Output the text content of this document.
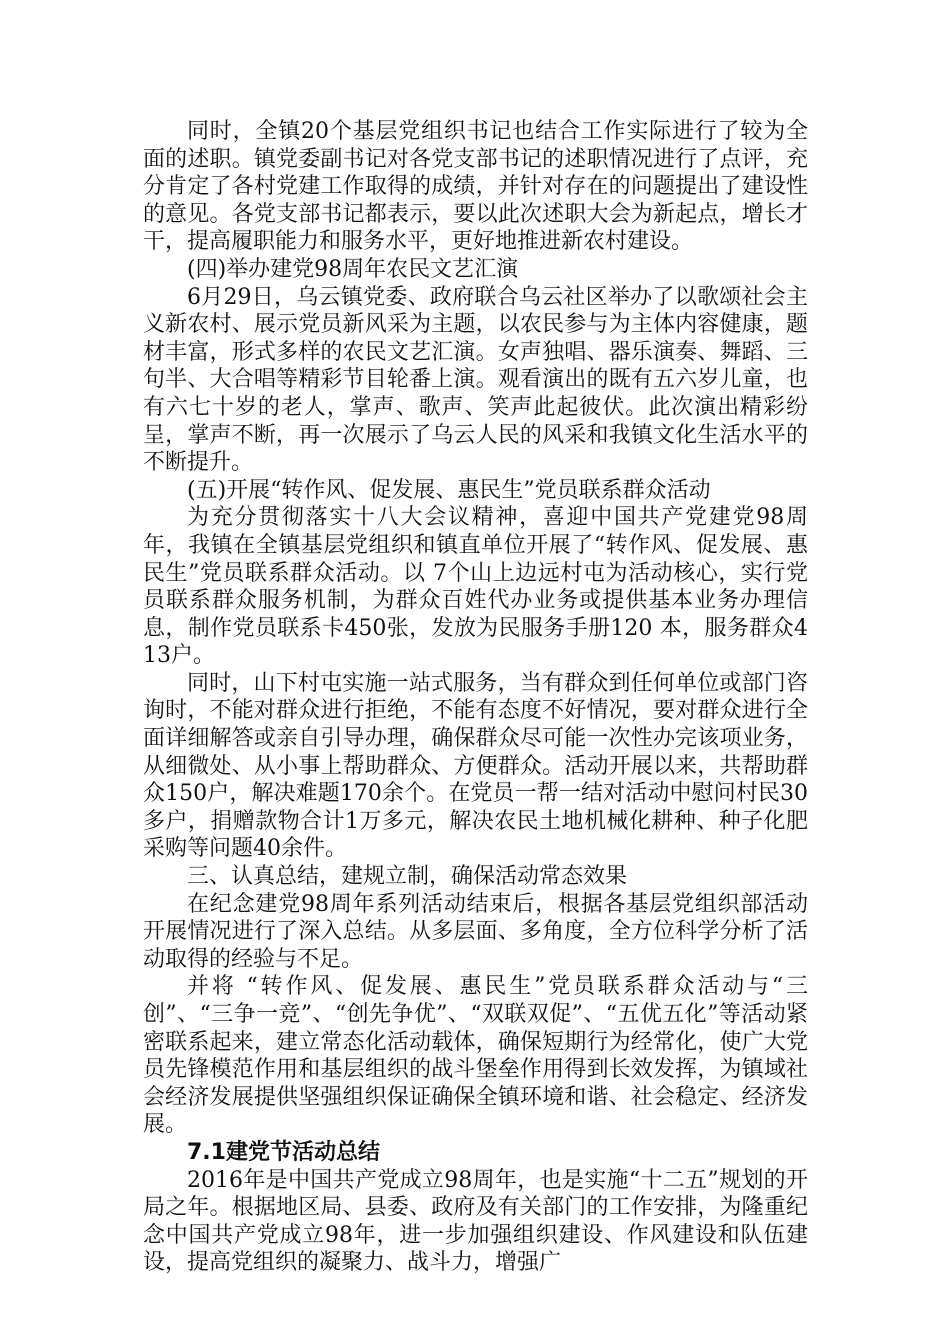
同时，全镇20个基层党组织书记也结合工作实际进行了较为全面的述职。镇党委副书记对各党支部书记的述职情况进行了点评，充分肯定了各村党建工作取得的成绩，并针对存在的问题提出了建设性的意见。各党支部书记都表示，要以此次述职大会为新起点，增长才干，提高履职能力和服务水平，更好地推进新农村建设。

(四)举办建党98周年农民文艺汇演

6月29日，乌云镇党委、政府联合乌云社区举办了以歌颂社会主义新农村、展示党员新风采为主题，以农民参与为主体内容健康，题材丰富，形式多样的农民文艺汇演。女声独唱、器乐演奏、舞蹈、三句半、大合唱等精彩节目轮番上演。观看演出的既有五六岁儿童，也有六七十岁的老人，掌声、歌声、笑声此起彼伏。此次演出精彩纷呈，掌声不断，再一次展示了乌云人民的风采和我镇文化生活水平的不断提升。

(五)开展“转作风、促发展、惠民生”党员联系群众活动

为充分贯彻落实十八大会议精神，喜迎中国共产党建党98周年，我镇在全镇基层党组织和镇直单位开展了“转作风、促发展、惠民生”党员联系群众活动。以 7个山上边远村屯为活动核心，实行党员联系群众服务机制，为群众百姓代办业务或提供基本业务办理信息，制作党员联系卡450张，发放为民服务手册120 本，服务群众413户。

同时，山下村屯实施一站式服务，当有群众到任何单位或部门咨询时，不能对群众进行拒绝，不能有态度不好情况，要对群众进行全面详细解答或亲自引导办理，确保群众尽可能一次性办完该项业务，从细微处、从小事上帮助群众、方便群众。活动开展以来，共帮助群众150户，解决难题170余个。在党员一帮一结对活动中慰问村民30多户，捐赠款物合计1万多元，解决农民土地机械化耕种、种子化肥采购等问题40余件。

三、认真总结，建规立制，确保活动常态效果

在纪念建党98周年系列活动结束后，根据各基层党组织部活动开展情况进行了深入总结。从多层面、多角度，全方位科学分析了活动取得的经验与不足。

并将 “转作风、促发展、惠民生”党员联系群众活动与“三创”、“三争一竞”、“创先争优”、“双联双促”、“五优五化”等活动紧密联系起来，建立常态化活动载体，确保短期行为经常化，使广大党员先锋模范作用和基层组织的战斗堡垒作用得到长效发挥，为镇域社会经济发展提供坚强组织保证确保全镇环境和谐、社会稳定、经济发展。

7.1建党节活动总结

2016年是中国共产党成立98周年，也是实施“十二五”规划的开局之年。根据地区局、县委、政府及有关部门的工作安排，为隆重纪念中国共产党成立98年，进一步加强组织建设、作风建设和队伍建设，提高党组织的凝聚力、战斗力，增强广
